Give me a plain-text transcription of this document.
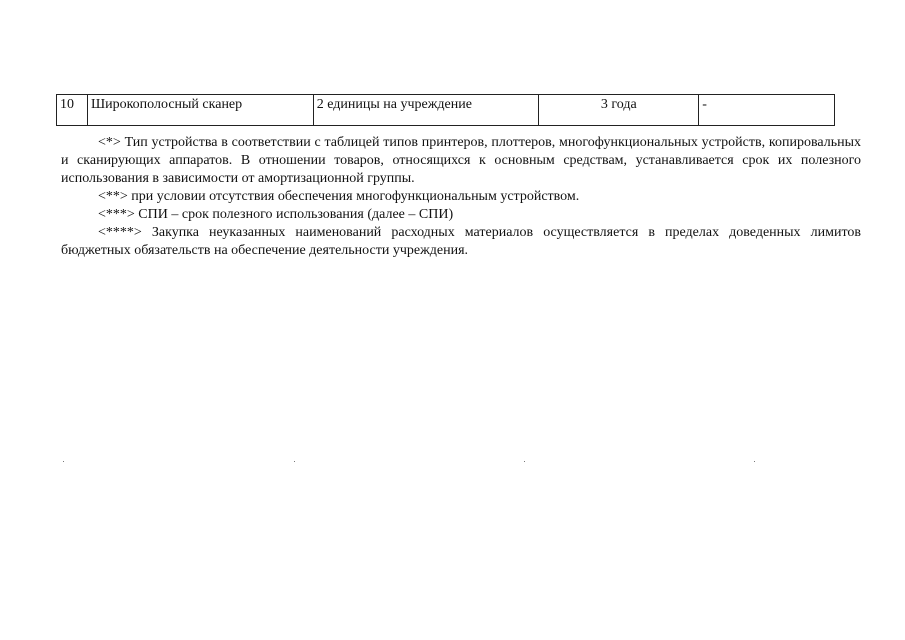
10	Широкополосный сканер	2 единицы на учреждение	3 года	-

<*> Тип устройства в соответствии с таблицей типов принтеров, плоттеров, многофункциональных устройств, копировальных и сканирующих аппаратов. В отношении товаров, относящихся к основным средствам, устанавливается срок их полезного использования в зависимости от амортизационной группы.

<**> при условии отсутствия обеспечения многофункциональным устройством.

<***> СПИ – срок полезного использования (далее – СПИ)

<****> Закупка неуказанных наименований расходных материалов осуществляется в пределах доведенных лимитов бюджетных обязательств на обеспечение деятельности учреждения.
